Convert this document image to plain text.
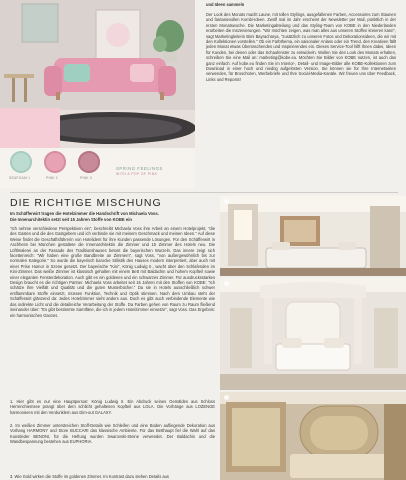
SEAFOAM 1	PINK 1	PINK 3
SPRING FEELINGS
WITH A POP OF PINK

und Ideen sammeln

Der Look des Monats macht Laune, mit tollen Stylings, ausgefallenen Farben, Accessoires zum Staunen und fantasievollen Kombi-Ideen. Zwölf mal im Jahr erscheint der Newsletter per Mail, pünktlich in der ersten Monatswoche. Die Marketingabteilung und das Styling-Team von KOBE in den Niederlanden erarbeiten die Inszenierungen. "Wir möchten zeigen, was man alles aus unseren Stoffen kreieren kann", sagt Marketingleiterin Bimi Bayracharya, "zusätzlich zu unseren Fotos und Dekorationsideen, die wir mit den Kollektionen vorstellen." Ob ein Farbthema, ein saisonaler Anlass oder ein Trend, den Kreativen fällt jeden Monat etwas Überraschendes und Inspirierendes ein. Dieses Service-Tool hilft Ihnen dabei, Ideen für Kunden, bei denen oder das Schaufenster zu entwickeln. Wollen Sie den Look des Monats erhalten, schreiben Sie eine Mail an: marketing@kobe.eu. Möchten Sie Bilder von KOBE nutzen, ist auch das ganz einfach: Auf kobe.eu finden Sie im Interior-, Detail- und Image-Bilder alle KOBE-Kollektionen zum Download in einer hoch und niedrig aufgelösten Version. Sie können sie für Ihre Internetseiten verwenden, für Broschüren, Werbebriefe und Ihre Social-Media-Kanäle. Wir freuen uns über Feedback, Links und Reposts!

DIE RICHTIGE MISCHUNG

Im Schäfferwirt tragen die Hotelzimmer die Handschrift von Michaela Voss.

Die Innenarchitektin setzt seit 15 Jahren Stoffe von KOBE ein

"Ich nehme verschiedene Perspektiven ein", beschreibt Michaela Voss ihre Arbeit an einem Hotelprojekt, "die des Gastes und die des Gastgebers und ich verbinde sie mit meinem Geschmack und meinen Ideen." Auf diese Weise findet die Geschäftsführerin von Hotelident für ihre Kunden passende Lösungen. Für den Schäfferwirt in Aschheim bei München gestaltete die Innenarchitektin die Zimmer und 15 Zimmer des Hotels neu. Die Lüftlmalerei an der Fassade des Traditionshauses betont die bayerischen Wurzeln. Das innere zeigt sich facettenreich: "Wir haben eine große Bandbreite an Zimmern", sagt Voss, "von außergewöhnlich bis zur normalen Kategorie." So wurde die bayerisch barocke Stilistik des Hauses modern interpretiert, aber auch mit einer Prise Humor in Szene gesetzt. Der bayerische "Kini", König Ludwig II., wacht über den Schlafenden im Kini-Zimmer. Das weiße Zimmer ist klassisch gehalten mit einem Bett mit Baldachin und hohem Kopfteil sowie einer eleganten Fensterdekoration. Auch gibt es ein goldenes und ein schwarzes Zimmer. Für ausdrucksstarkes Design braucht es die richtigen Partner. Michaela Voss arbeitet seit 15 Jahren mit den Stoffen von KOBE: "Ich schätze ihre Vielfalt und Qualität und die guten Musterbücher." Da sie in Hotels ausschließlich schwer entflammbare Stoffe einsetzt, müssen Funktion, Technik und Optik stimmen. Nach dem Umbau steht der Schäfferwirt glänzend da: Jedes Hotelzimmer sieht anders aus. Doch es gibt auch verbindende Elemente wie das indirekte Licht und die detailreiche Verarbeitung der Stoffe. Da Farben gehen von Raum zu Raum fließend ineinander über: "Es gibt bestimmte Samtfäne, die ich in jedem Hotelzimmer einsetze", sagt Voss. Das Ergebnis: ein harmonisches Ganzes.

1. Hier gibt es nur eine Hauptperson: König Ludwig II. Ein Abdruck seines Gemäldes aus Schloss Herrenchiemsee prangt über dem schlicht gehaltenen Kopfteil aus LOLA. Die Vorhänge aus LOZENGE harmonieren mit den Verdunklern aus Dim-out GALAXY.

2. Im weißen Zimmer unterstreichen Stoff-Details wie Schleifen und eine Boden aufliegende Dekoration aus Vorhang HARMONY und Store BUCCARI das klassische Ambiente. Für das Betthaupt fiel die Wahl auf das Kunstleder BENONI, für die Heftung wurden Swarovski-Steine verwendet. Der Baldachin und die Wandbespannung bestehen aus EUPHORIA.

3. Wie Gold wirken die Stoffe im goldenen Zimmer. Im Kontrast dazu stehen Details aus
